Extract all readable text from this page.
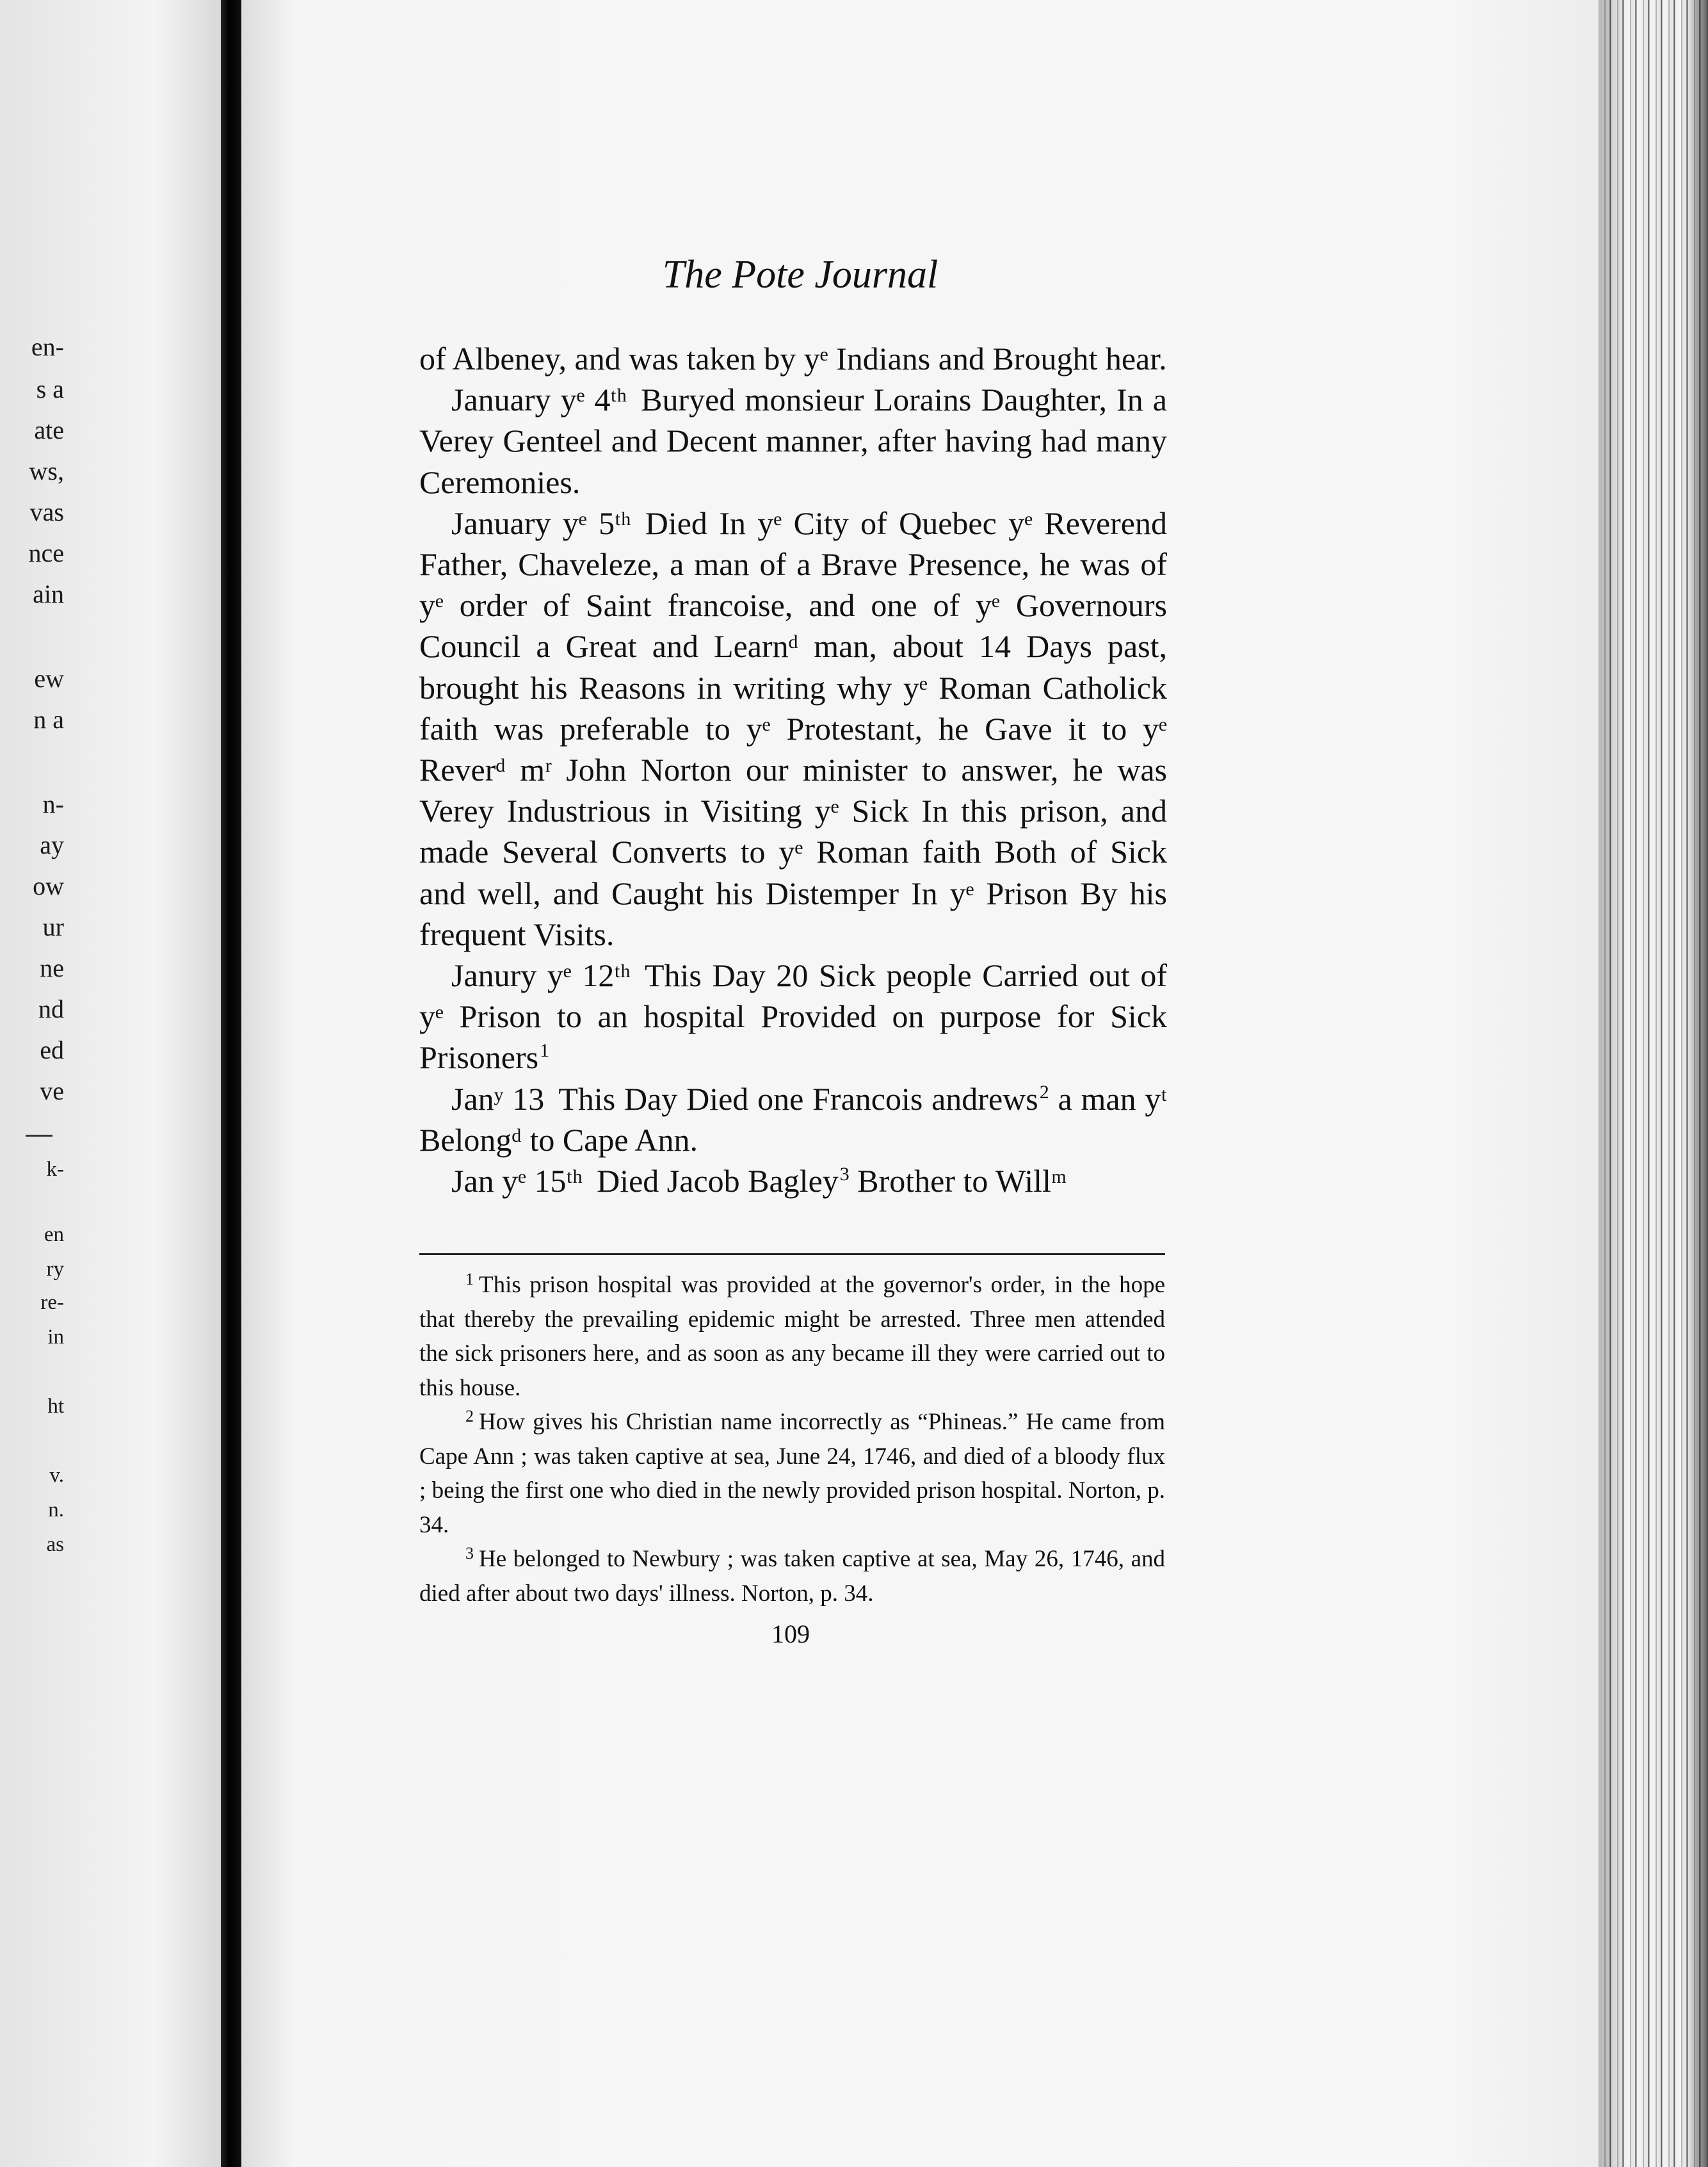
en-
s a
ate
ws,
vas
nce
ain
ew
n a
n-
ay
ow
ur
ne
nd
ed
ve
k-
en
ry
re-
in
ht
v.
n.
as
The Pote Journal

of Albeney, and was taken by yᵉ Indians and Brought hear.

January yᵉ 4ᵗʰ Buryed monsieur Lorains Daughter, In a Verey Genteel and Decent manner, after having had many Ceremonies.

January yᵉ 5ᵗʰ Died In yᵉ City of Quebec yᵉ Reverend Father, Chaveleze, a man of a Brave Presence, he was of yᵉ order of Saint francoise, and one of yᵉ Governours Council a Great and Learnᵈ man, about 14 Days past, brought his Reasons in writing why yᵉ Roman Catholick faith was preferable to yᵉ Protestant, he Gave it to yᵉ Reverᵈ mʳ John Norton our minister to answer, he was Verey Industrious in Visiting yᵉ Sick In this prison, and made Several Converts to yᵉ Roman faith Both of Sick and well, and Caught his Distemper In yᵉ Prison By his frequent Visits.

Janury yᵉ 12ᵗʰ This Day 20 Sick people Carried out of yᵉ Prison to an hospital Provided on purpose for Sick Prisoners$^1$

Janʸ 13 This Day Died one Francois andrews$^2$ a man yᵗ Belongᵈ to Cape Ann.

Jan yᵉ 15ᵗʰ Died Jacob Bagley$^3$ Brother to Willᵐ

$^1$ This prison hospital was provided at the governor's order, in the hope that thereby the prevailing epidemic might be arrested. Three men attended the sick prisoners here, and as soon as any became ill they were carried out to this house.

$^2$ How gives his Christian name incorrectly as “Phineas.” He came from Cape Ann ; was taken captive at sea, June 24, 1746, and died of a bloody flux ; being the first one who died in the newly provided prison hospital. Norton, p. 34.

$^3$ He belonged to Newbury ; was taken captive at sea, May 26, 1746, and died after about two days' illness. Norton, p. 34.

109
